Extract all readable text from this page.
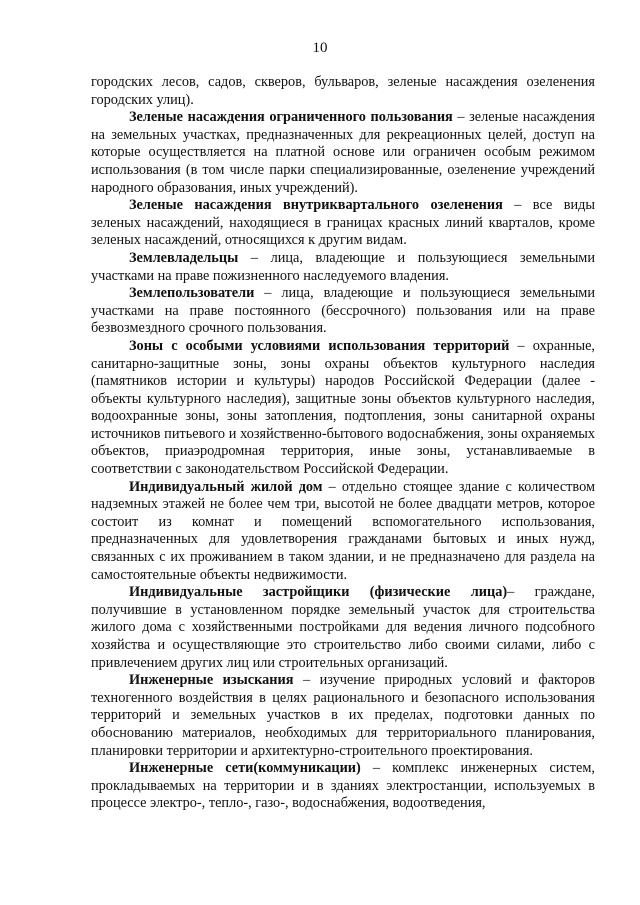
10

городских лесов, садов, скверов, бульваров, зеленые насаждения озеленения городских улиц).

Зеленые насаждения ограниченного пользования – зеленые насаждения на земельных участках, предназначенных для рекреационных целей, доступ на которые осуществляется на платной основе или ограничен особым режимом использования (в том числе парки специализированные, озеленение учреждений народного образования, иных учреждений).

Зеленые насаждения внутриквартального озеленения – все виды зеленых насаждений, находящиеся в границах красных линий кварталов, кроме зеленых насаждений, относящихся к другим видам.

Землевладельцы – лица, владеющие и пользующиеся земельными участками на праве пожизненного наследуемого владения.

Землепользователи – лица, владеющие и пользующиеся земельными участками на праве постоянного (бессрочного) пользования или на праве безвозмездного срочного пользования.

Зоны с особыми условиями использования территорий – охранные, санитарно-защитные зоны, зоны охраны объектов культурного наследия (памятников истории и культуры) народов Российской Федерации (далее - объекты культурного наследия), защитные зоны объектов культурного наследия, водоохранные зоны, зоны затопления, подтопления, зоны санитарной охраны источников питьевого и хозяйственно-бытового водоснабжения, зоны охраняемых объектов, приаэродромная территория, иные зоны, устанавливаемые в соответствии с законодательством Российской Федерации.

Индивидуальный жилой дом – отдельно стоящее здание с количеством надземных этажей не более чем три, высотой не более двадцати метров, которое состоит из комнат и помещений вспомогательного использования, предназначенных для удовлетворения гражданами бытовых и иных нужд, связанных с их проживанием в таком здании, и не предназначено для раздела на самостоятельные объекты недвижимости.

Индивидуальные застройщики (физические лица)– граждане, получившие в установленном порядке земельный участок для строительства жилого дома с хозяйственными постройками для ведения личного подсобного хозяйства и осуществляющие это строительство либо своими силами, либо с привлечением других лиц или строительных организаций.

Инженерные изыскания – изучение природных условий и факторов техногенного воздействия в целях рационального и безопасного использования территорий и земельных участков в их пределах, подготовки данных по обоснованию материалов, необходимых для территориального планирования, планировки территории и архитектурно-строительного проектирования.

Инженерные сети(коммуникации) – комплекс инженерных систем, прокладываемых на территории и в зданиях электростанции, используемых в процессе электро-, тепло-, газо-, водоснабжения, водоотведения,
